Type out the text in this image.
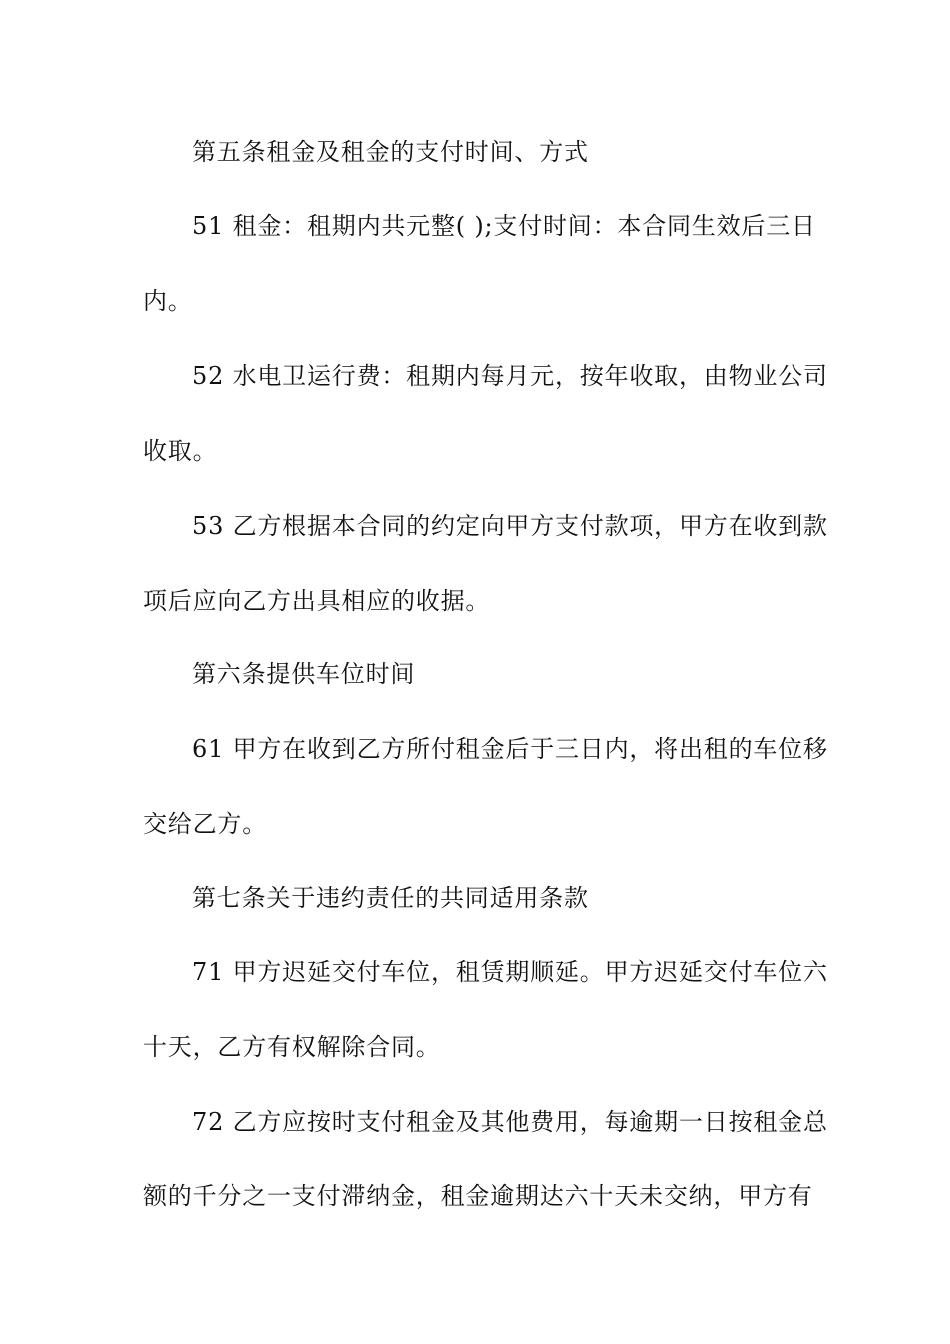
第五条租金及租金的支付时间、方式
51 租金：租期内共元整( );支付时间：本合同生效后三日
内。
52 水电卫运行费：租期内每月元，按年收取，由物业公司
收取。
53 乙方根据本合同的约定向甲方支付款项，甲方在收到款
项后应向乙方出具相应的收据。
第六条提供车位时间
61 甲方在收到乙方所付租金后于三日内，将出租的车位移
交给乙方。
第七条关于违约责任的共同适用条款
71 甲方迟延交付车位，租赁期顺延。甲方迟延交付车位六
十天，乙方有权解除合同。
72 乙方应按时支付租金及其他费用，每逾期一日按租金总
额的千分之一支付滞纳金，租金逾期达六十天未交纳，甲方有
